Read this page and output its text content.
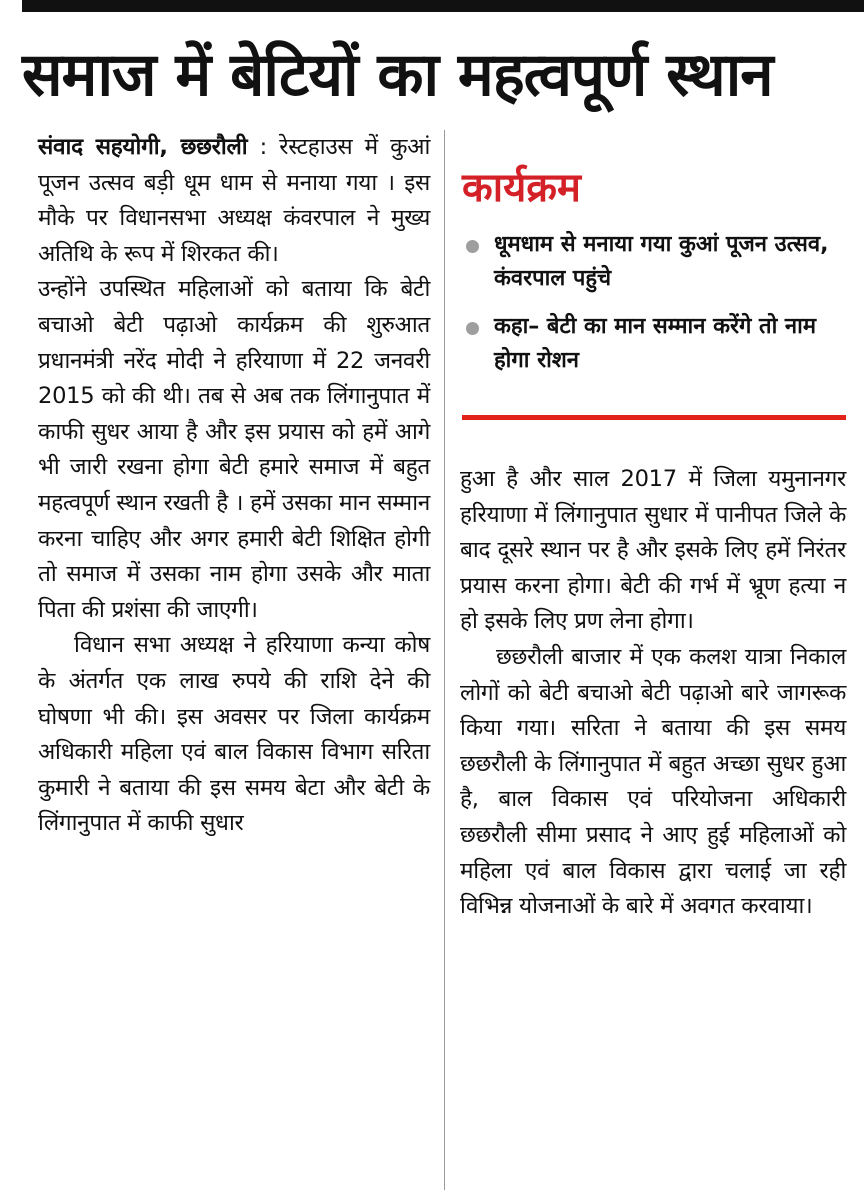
समाज में बेटियों का महत्वपूर्ण स्थान

संवाद सहयोगी, छछरौली : रेस्टहाउस में कुआं पूजन उत्सव बड़ी धूम धाम से मनाया गया । इस मौके पर विधानसभा अध्यक्ष कंवरपाल ने मुख्य अतिथि के रूप में शिरकत की।

उन्होंने उपस्थित महिलाओं को बताया कि बेटी बचाओ बेटी पढ़ाओ कार्यक्रम की शुरुआत प्रधानमंत्री नरेंद मोदी ने हरियाणा में 22 जनवरी 2015 को की थी। तब से अब तक लिंगानुपात में काफी सुधर आया है और इस प्रयास को हमें आगे भी जारी रखना होगा बेटी हमारे समाज में बहुत महत्वपूर्ण स्थान रखती है । हमें उसका मान सम्मान करना चाहिए और अगर हमारी बेटी शिक्षित होगी तो समाज में उसका नाम होगा उसके और माता पिता की प्रशंसा की जाएगी।

विधान सभा अध्यक्ष ने हरियाणा कन्या कोष के अंतर्गत एक लाख रुपये की राशि देने की घोषणा भी की। इस अवसर पर जिला कार्यक्रम अधिकारी महिला एवं बाल विकास विभाग सरिता कुमारी ने बताया की इस समय बेटा और बेटी के लिंगानुपात में काफी सुधार

कार्यक्रम
धूमधाम से मनाया गया कुआं पूजन उत्सव, कंवरपाल पहुंचे
कहा– बेटी का मान सम्मान करेंगे तो नाम होगा रोशन

हुआ है और साल 2017 में जिला यमुनानगर हरियाणा में लिंगानुपात सुधार में पानीपत जिले के बाद दूसरे स्थान पर है और इसके लिए हमें निरंतर प्रयास करना होगा। बेटी की गर्भ में भ्रूण हत्या न हो इसके लिए प्रण लेना होगा।

छछरौली बाजार में एक कलश यात्रा निकाल लोगों को बेटी बचाओ बेटी पढ़ाओ बारे जागरूक किया गया। सरिता ने बताया की इस समय छछरौली के लिंगानुपात में बहुत अच्छा सुधर हुआ है, बाल विकास एवं परियोजना अधिकारी छछरौली सीमा प्रसाद ने आए हुई महिलाओं को महिला एवं बाल विकास द्वारा चलाई जा रही विभिन्न योजनाओं के बारे में अवगत करवाया।
